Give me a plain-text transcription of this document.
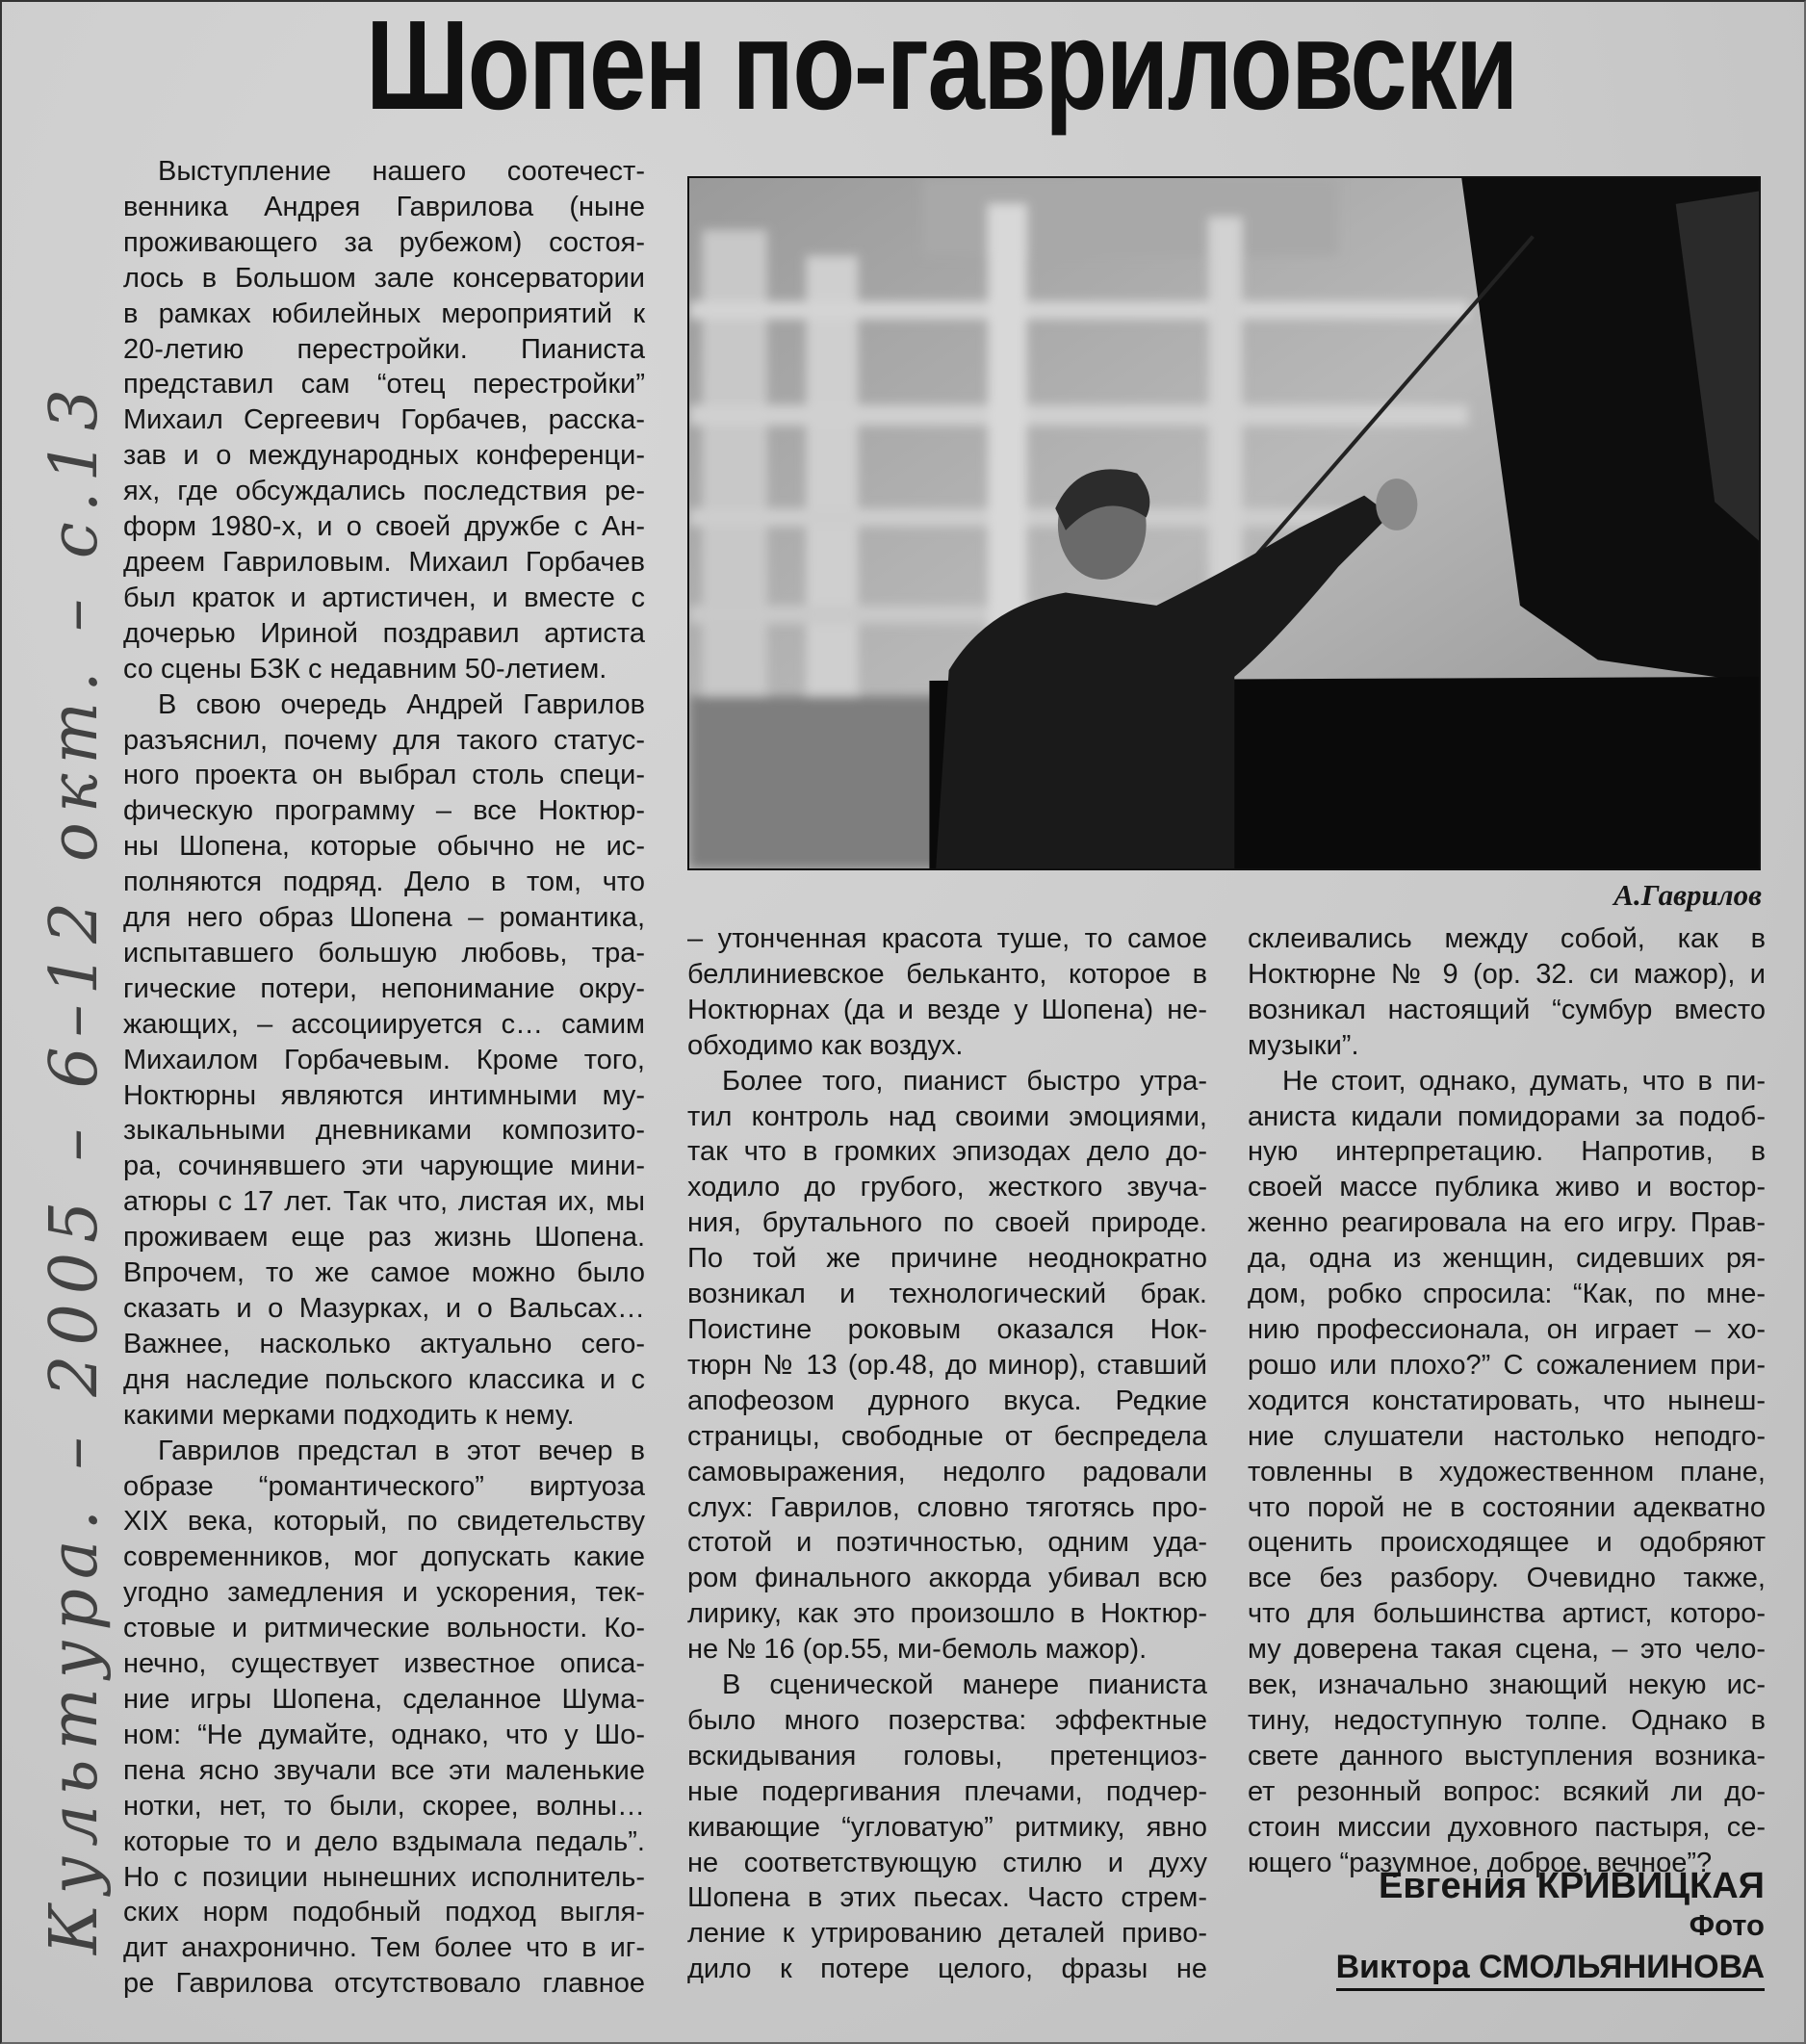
Шопен по-гавриловски
Культура. – 2005 – 6–12 окт. – с.13
Выступление нашего соотечест-
венника Андрея Гаврилова (ныне
проживающего за рубежом) состоя-
лось в Большом зале консерватории
в рамках юбилейных мероприятий к
20-летию перестройки. Пианиста
представил сам “отец перестройки”
Михаил Сергеевич Горбачев, расска-
зав и о международных конференци-
ях, где обсуждались последствия ре-
форм 1980-х, и о своей дружбе с Ан-
дреем Гавриловым. Михаил Горбачев
был краток и артистичен, и вместе с
дочерью Ириной поздравил артиста
со сцены БЗК с недавним 50-летием.
В свою очередь Андрей Гаврилов
разъяснил, почему для такого статус-
ного проекта он выбрал столь специ-
фическую программу – все Ноктюр-
ны Шопена, которые обычно не ис-
полняются подряд. Дело в том, что
для него образ Шопена – романтика,
испытавшего большую любовь, тра-
гические потери, непонимание окру-
жающих, – ассоциируется с… самим
Михаилом Горбачевым. Кроме того,
Ноктюрны являются интимными му-
зыкальными дневниками композито-
ра, сочинявшего эти чарующие мини-
атюры с 17 лет. Так что, листая их, мы
проживаем еще раз жизнь Шопена.
Впрочем, то же самое можно было
сказать и о Мазурках, и о Вальсах…
Важнее, насколько актуально сего-
дня наследие польского классика и с
какими мерками подходить к нему.
Гаврилов предстал в этот вечер в
образе “романтического” виртуоза
XIX века, который, по свидетельству
современников, мог допускать какие
угодно замедления и ускорения, тек-
стовые и ритмические вольности. Ко-
нечно, существует известное описа-
ние игры Шопена, сделанное Шума-
ном: “Не думайте, однако, что у Шо-
пена ясно звучали все эти маленькие
нотки, нет, то были, скорее, волны…
которые то и дело вздымала педаль”.
Но с позиции нынешних исполнитель-
ских норм подобный подход выгля-
дит анахронично. Тем более что в иг-
ре Гаврилова отсутствовало главное
А.Гаврилов
– утонченная красота туше, то самое
беллиниевское бельканто, которое в
Ноктюрнах (да и везде у Шопена) не-
обходимо как воздух.
Более того, пианист быстро утра-
тил контроль над своими эмоциями,
так что в громких эпизодах дело до-
ходило до грубого, жесткого звуча-
ния, брутального по своей природе.
По той же причине неоднократно
возникал и технологический брак.
Поистине роковым оказался Нок-
тюрн № 13 (ор.48, до минор), ставший
апофеозом дурного вкуса. Редкие
страницы, свободные от беспредела
самовыражения, недолго радовали
слух: Гаврилов, словно тяготясь про-
стотой и поэтичностью, одним уда-
ром финального аккорда убивал всю
лирику, как это произошло в Ноктюр-
не № 16 (ор.55, ми-бемоль мажор).
В сценической манере пианиста
было много позерства: эффектные
вскидывания головы, претенциоз-
ные подергивания плечами, подчер-
кивающие “угловатую” ритмику, явно
не соответствующую стилю и духу
Шопена в этих пьесах. Часто стрем-
ление к утрированию деталей приво-
дило к потере целого, фразы не
склеивались между собой, как в
Ноктюрне № 9 (ор. 32. си мажор), и
возникал настоящий “сумбур вместо
музыки”.
Не стоит, однако, думать, что в пи-
аниста кидали помидорами за подоб-
ную интерпретацию. Напротив, в
своей массе публика живо и востор-
женно реагировала на его игру. Прав-
да, одна из женщин, сидевших ря-
дом, робко спросила: “Как, по мне-
нию профессионала, он играет – хо-
рошо или плохо?” С сожалением при-
ходится констатировать, что нынеш-
ние слушатели настолько неподго-
товленны в художественном плане,
что порой не в состоянии адекватно
оценить происходящее и одобряют
все без разбору. Очевидно также,
что для большинства артист, которо-
му доверена такая сцена, – это чело-
век, изначально знающий некую ис-
тину, недоступную толпе. Однако в
свете данного выступления возника-
ет резонный вопрос: всякий ли до-
стоин миссии духовного пастыря, се-
ющего “разумное, доброе, вечное”?
Евгения КРИВИЦКАЯ
Фото
Виктора СМОЛЬЯНИНОВА
